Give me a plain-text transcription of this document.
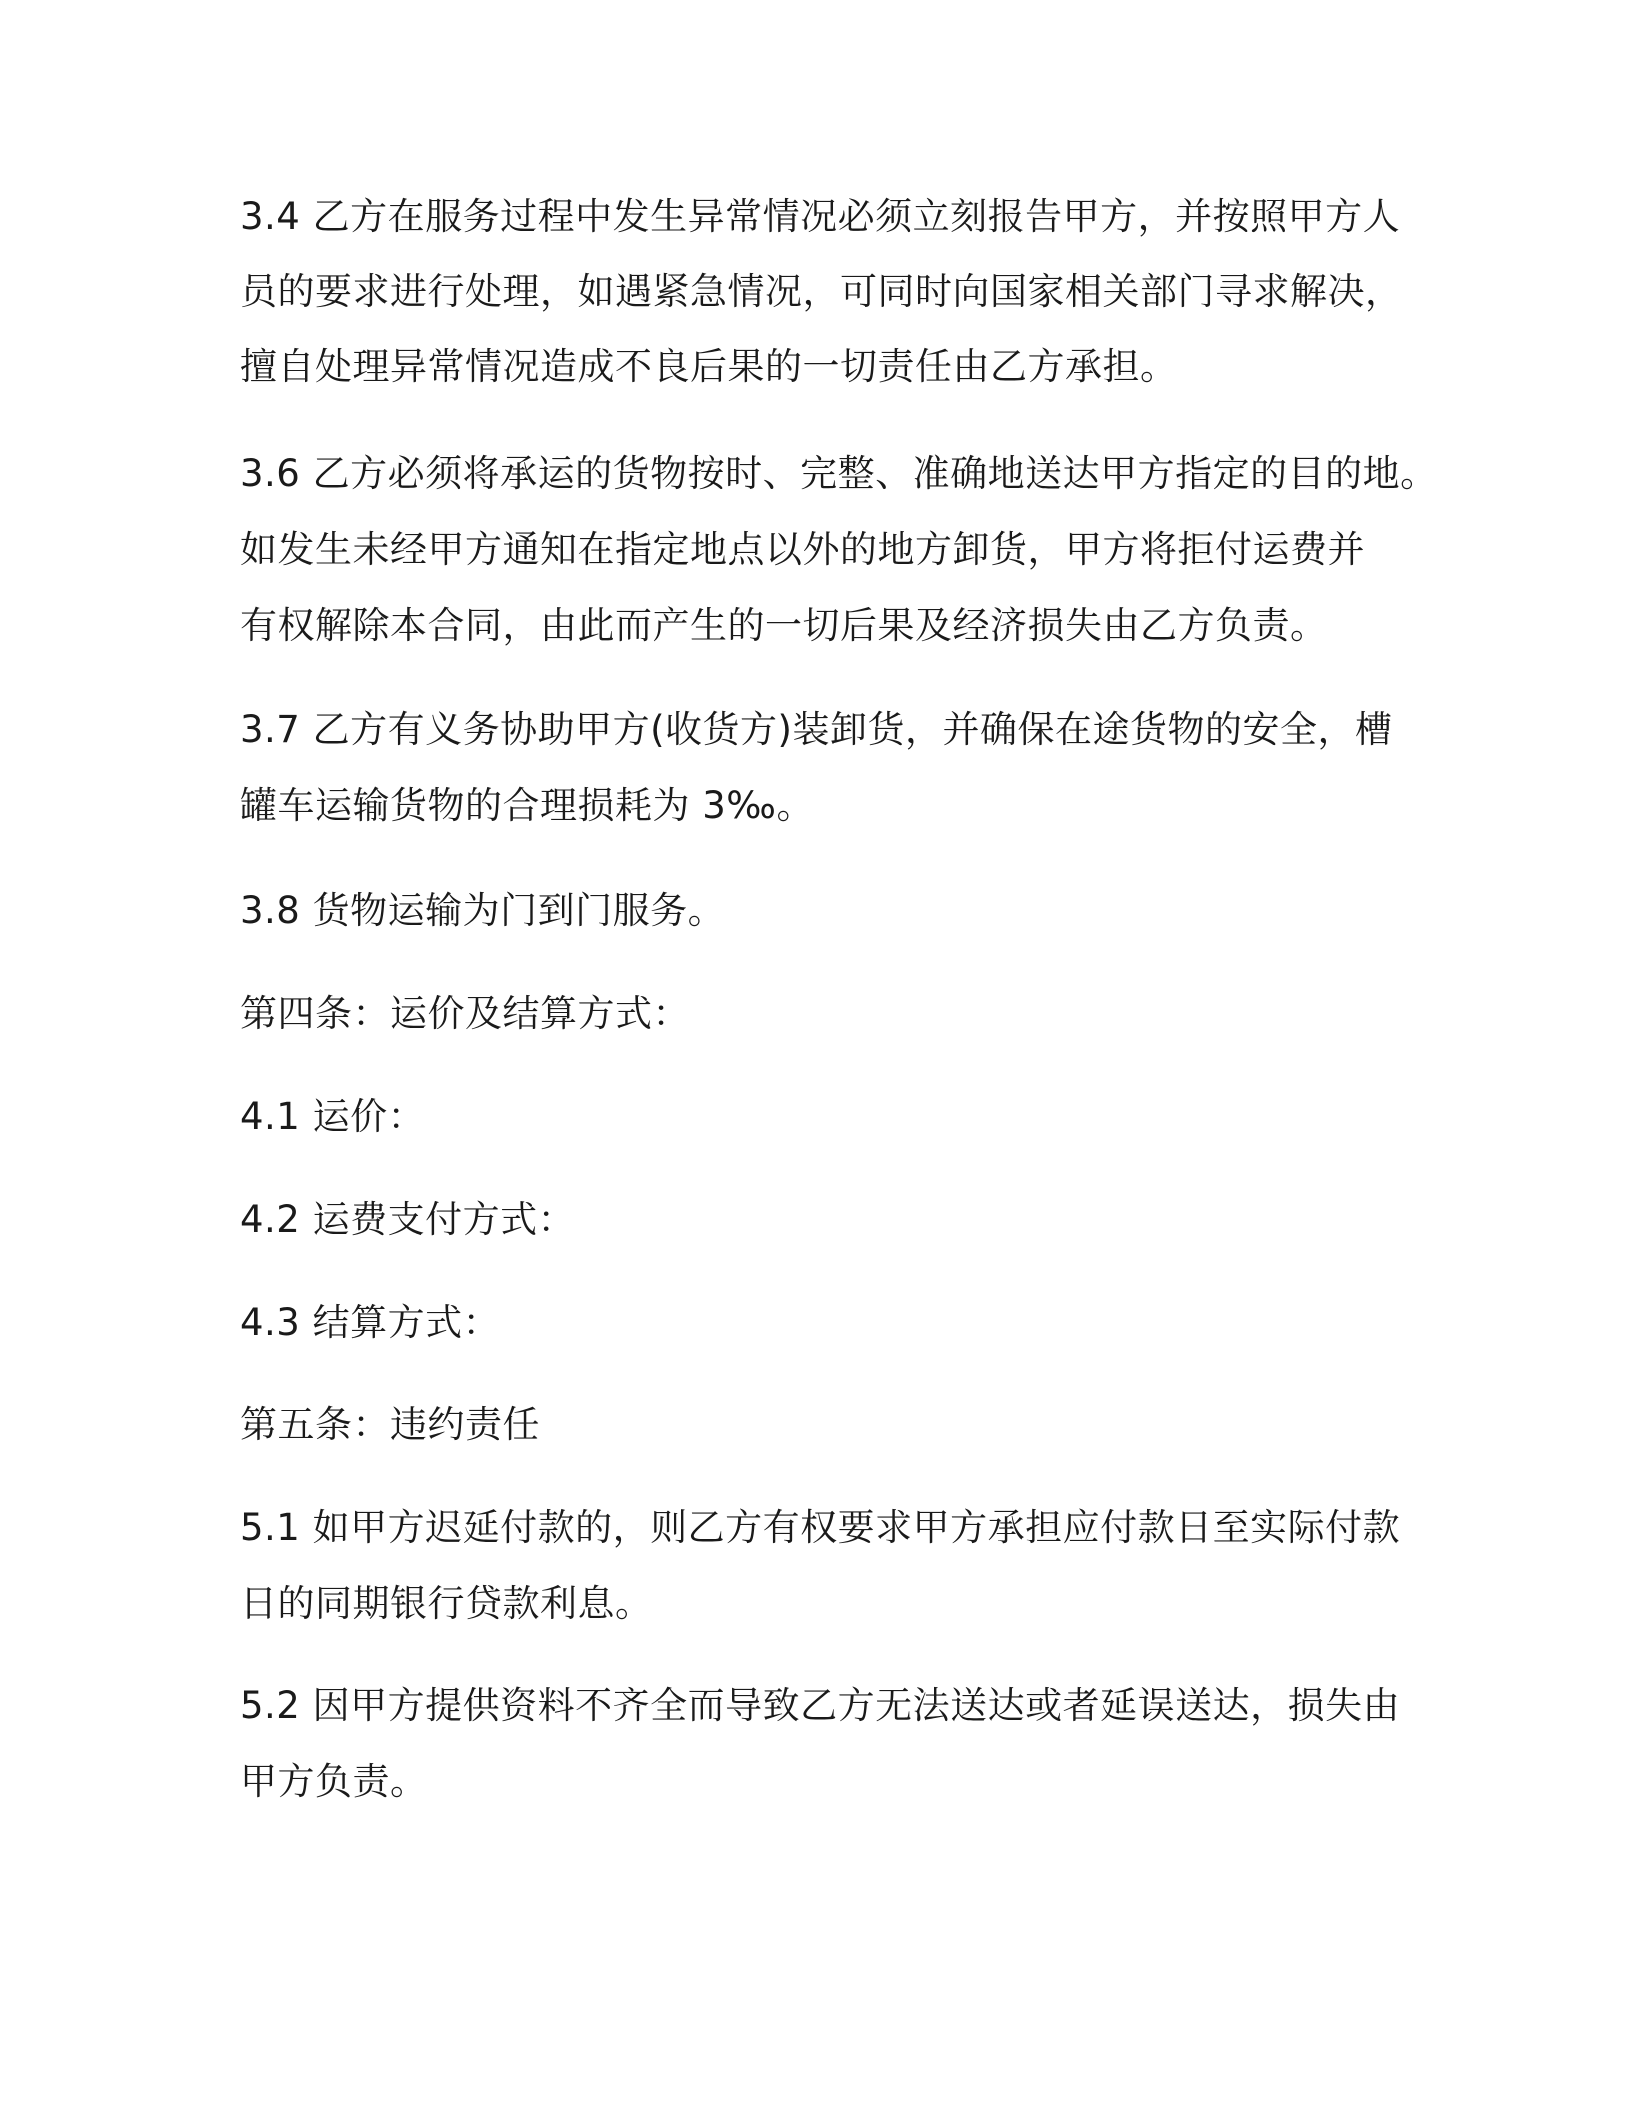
3.4 乙方在服务过程中发生异常情况必须立刻报告甲方，并按照甲方人

员的要求进行处理，如遇紧急情况，可同时向国家相关部门寻求解决，

擅自处理异常情况造成不良后果的一切责任由乙方承担。

3.6 乙方必须将承运的货物按时、完整、准确地送达甲方指定的目的地。

如发生未经甲方通知在指定地点以外的地方卸货，甲方将拒付运费并

有权解除本合同，由此而产生的一切后果及经济损失由乙方负责。

3.7 乙方有义务协助甲方(收货方)装卸货，并确保在途货物的安全，槽

罐车运输货物的合理损耗为 3‰。

3.8 货物运输为门到门服务。

第四条：运价及结算方式：

4.1 运价：

4.2 运费支付方式：

4.3 结算方式：

第五条：违约责任

5.1 如甲方迟延付款的，则乙方有权要求甲方承担应付款日至实际付款

日的同期银行贷款利息。

5.2 因甲方提供资料不齐全而导致乙方无法送达或者延误送达，损失由

甲方负责。
